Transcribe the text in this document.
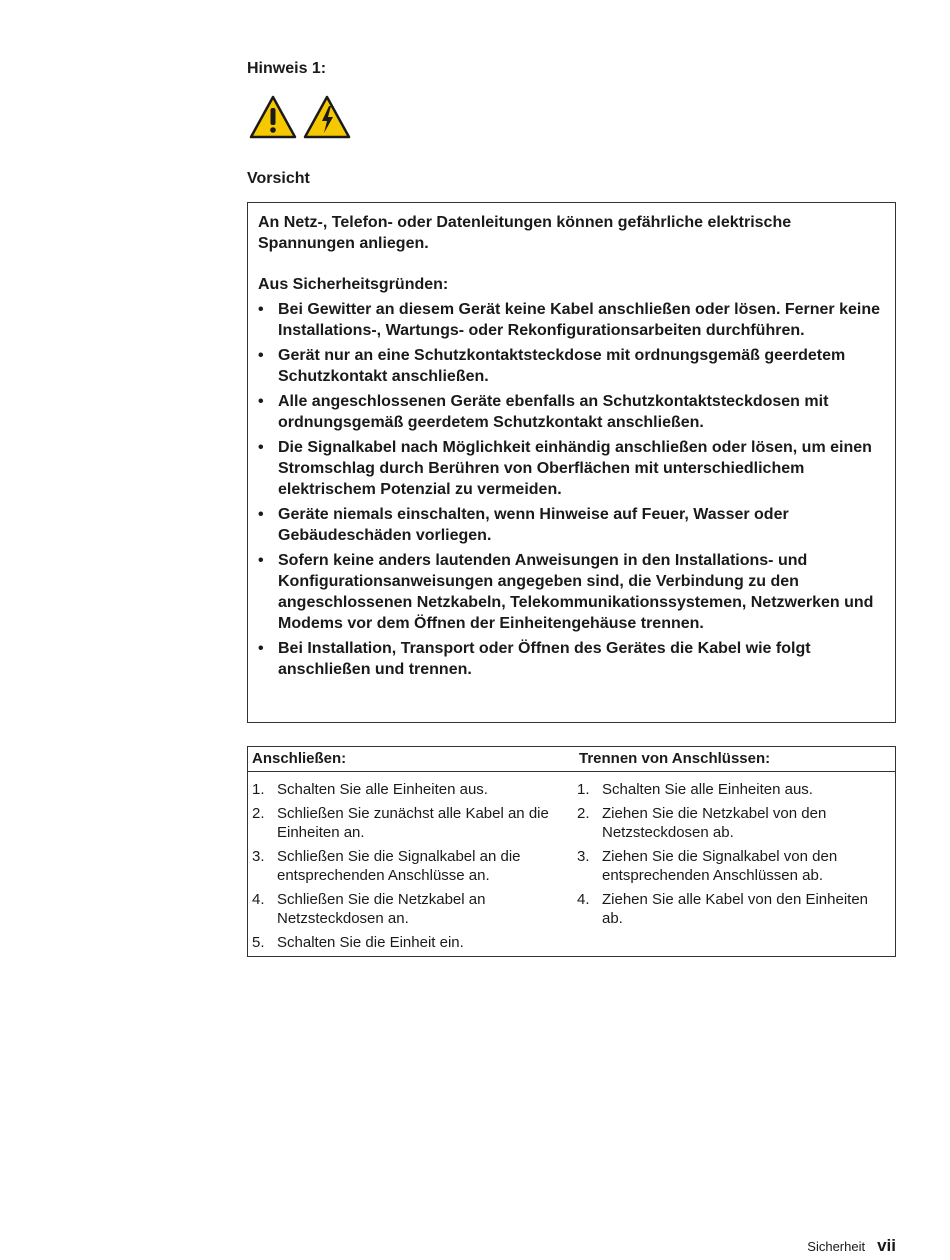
Hinweis 1:
Vorsicht

An Netz-, Telefon- oder Datenleitungen können gefährliche elektrische Spannungen anliegen.

Aus Sicherheitsgründen:

• Bei Gewitter an diesem Gerät keine Kabel anschließen oder lösen. Ferner keine Installations-, Wartungs- oder Rekonfigurationsarbeiten durchführen.
• Gerät nur an eine Schutzkontaktsteckdose mit ordnungsgemäß geerdetem Schutzkontakt anschließen.
• Alle angeschlossenen Geräte ebenfalls an Schutzkontaktsteckdosen mit ordnungsgemäß geerdetem Schutzkontakt anschließen.
• Die Signalkabel nach Möglichkeit einhändig anschließen oder lösen, um einen Stromschlag durch Berühren von Oberflächen mit unterschiedlichem elektrischem Potenzial zu vermeiden.
• Geräte niemals einschalten, wenn Hinweise auf Feuer, Wasser oder Gebäudeschäden vorliegen.
• Sofern keine anders lautenden Anweisungen in den Installations- und Konfigurationsanweisungen angegeben sind, die Verbindung zu den angeschlossenen Netzkabeln, Telekommunikationssystemen, Netzwerken und Modems vor dem Öffnen der Einheitengehäuse trennen.
• Bei Installation, Transport oder Öffnen des Gerätes die Kabel wie folgt anschließen und trennen.
Anschließen:	Trennen von Anschlüssen:
1. Schalten Sie alle Einheiten aus.
2. Schließen Sie zunächst alle Kabel an die Einheiten an.
3. Schließen Sie die Signalkabel an die entsprechenden Anschlüsse an.
4. Schließen Sie die Netzkabel an Netzsteckdosen an.
5. Schalten Sie die Einheit ein.
1. Schalten Sie alle Einheiten aus.
2. Ziehen Sie die Netzkabel von den Netzsteckdosen ab.
3. Ziehen Sie die Signalkabel von den entsprechenden Anschlüssen ab.
4. Ziehen Sie alle Kabel von den Einheiten ab.
Sicherheit vii
